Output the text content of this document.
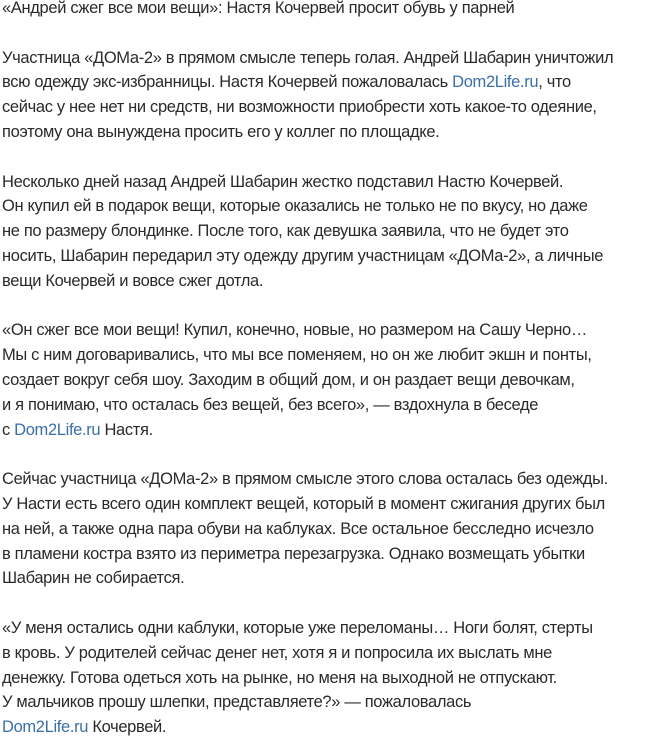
«Андрей сжег все мои вещи»: Настя Кочервей просит обувь у парней
Участница «ДОМа-2» в прямом смысле теперь голая. Андрей Шабарин уничтожил
всю одежду экс-избранницы. Настя Кочервей пожаловалась Dom2Life.ru, что
сейчас у нее нет ни средств, ни возможности приобрести хоть какое-то одеяние,
поэтому она вынуждена просить его у коллег по площадке.
Несколько дней назад Андрей Шабарин жестко подставил Настю Кочервей.
Он купил ей в подарок вещи, которые оказались не только не по вкусу, но даже
не по размеру блондинке. После того, как девушка заявила, что не будет это
носить, Шабарин передарил эту одежду другим участницам «ДОМа-2», а личные
вещи Кочервей и вовсе сжег дотла.
«Он сжег все мои вещи! Купил, конечно, новые, но размером на Сашу Черно…
Мы с ним договаривались, что мы все поменяем, но он же любит экшн и понты,
создает вокруг себя шоу. Заходим в общий дом, и он раздает вещи девочкам,
и я понимаю, что осталась без вещей, без всего», — вздохнула в беседе
с Dom2Life.ru Настя.
Сейчас участница «ДОМа-2» в прямом смысле этого слова осталась без одежды.
У Насти есть всего один комплект вещей, который в момент сжигания других был
на ней, а также одна пара обуви на каблуках. Все остальное бесследно исчезло
в пламени костра взято из периметра перезагрузка. Однако возмещать убытки
Шабарин не собирается.
«У меня остались одни каблуки, которые уже переломаны… Ноги болят, стерты
в кровь. У родителей сейчас денег нет, хотя я и попросила их выслать мне
денежку. Готова одеться хоть на рынке, но меня на выходной не отпускают.
У мальчиков прошу шлепки, представляете?» — пожаловалась
Dom2Life.ru Кочервей.
